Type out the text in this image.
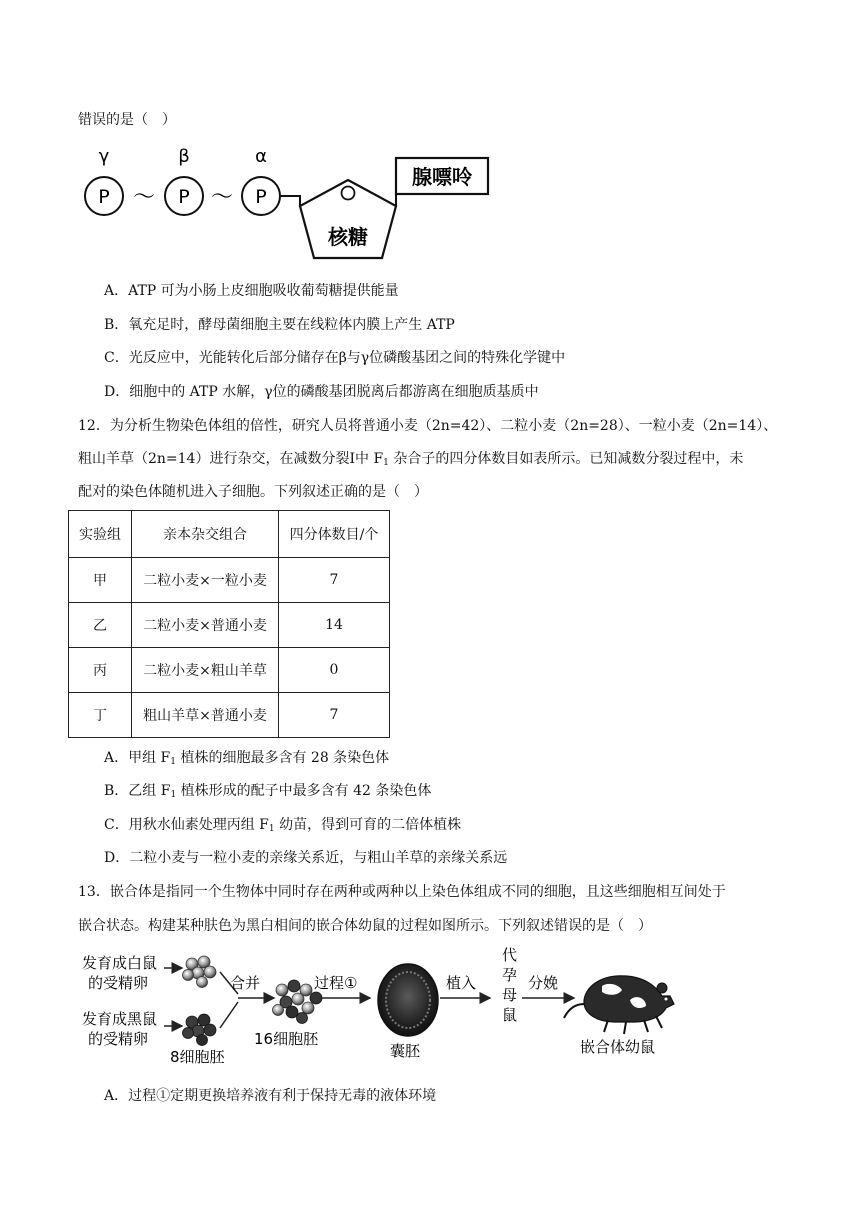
错误的是（　）
γ	β	α
P	P	P
～	～
核糖
腺嘌呤
A．ATP 可为小肠上皮细胞吸收葡萄糖提供能量
B．氧充足时，酵母菌细胞主要在线粒体内膜上产生 ATP
C．光反应中，光能转化后部分储存在β与γ位磷酸基团之间的特殊化学键中
D．细胞中的 ATP 水解，γ位的磷酸基团脱离后都游离在细胞质基质中
12．为分析生物染色体组的倍性，研究人员将普通小麦（2n=42）、二粒小麦（2n=28）、一粒小麦（2n=14）、
粗山羊草（2n=14）进行杂交，在减数分裂Ⅰ中 $F_1$ 杂合子的四分体数目如表所示。已知减数分裂过程中，未
配对的染色体随机进入子细胞。下列叙述正确的是（　）
实验组	亲本杂交组合	四分体数目/个
甲	二粒小麦×一粒小麦	7
乙	二粒小麦×普通小麦	14
丙	二粒小麦×粗山羊草	0
丁	粗山羊草×普通小麦	7
A．甲组 $F_1$ 植株的细胞最多含有 28 条染色体
B．乙组 $F_1$ 植株形成的配子中最多含有 42 条染色体
C．用秋水仙素处理丙组 $F_1$ 幼苗，得到可育的二倍体植株
D．二粒小麦与一粒小麦的亲缘关系近，与粗山羊草的亲缘关系远
13．嵌合体是指同一个生物体中同时存在两种或两种以上染色体组成不同的细胞，且这些细胞相互间处于
嵌合状态。构建某种肤色为黑白相间的嵌合体幼鼠的过程如图所示。下列叙述错误的是（　）
发育成白鼠
的受精卵
发育成黑鼠
的受精卵
8细胞胚
合并
16细胞胚
过程①
囊胚
植入
代
孕
母
鼠
分娩
嵌合体幼鼠
A．过程①定期更换培养液有利于保持无毒的液体环境
